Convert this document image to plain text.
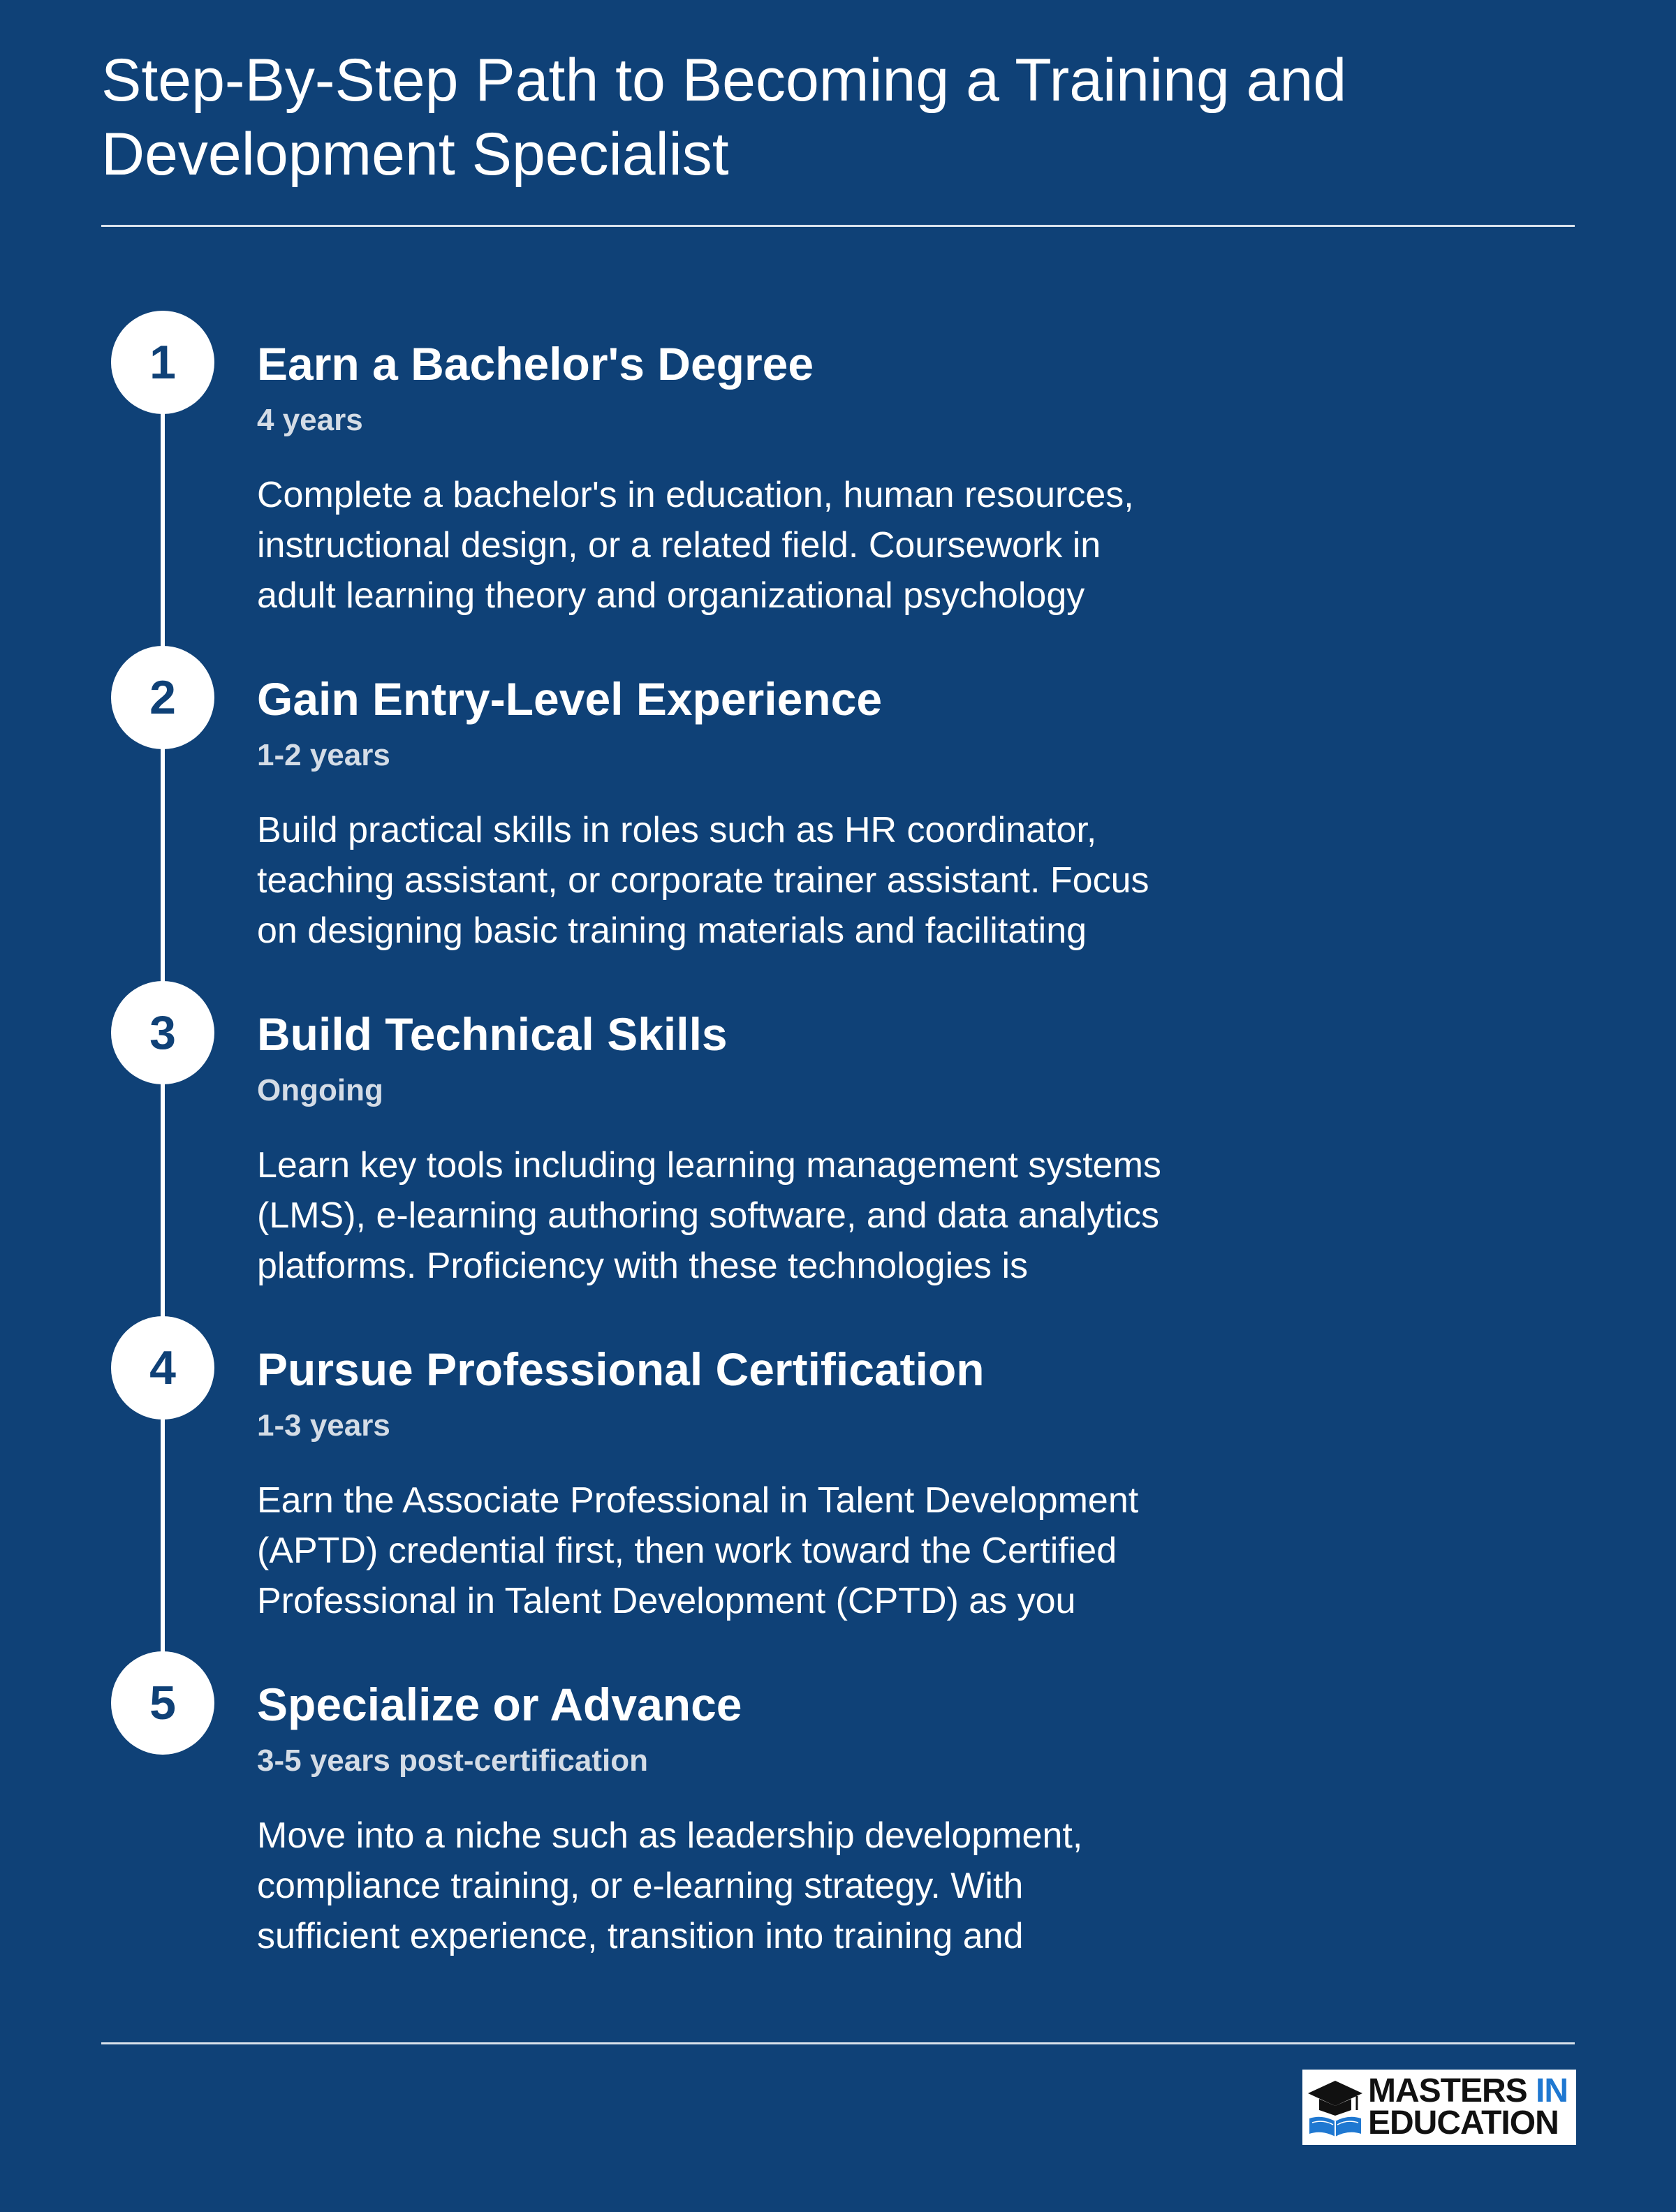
Step-By-Step Path to Becoming a Training and
Development Specialist
1	Earn a Bachelor's Degree
4 years
Complete a bachelor's in education, human resources,
instructional design, or a related field. Coursework in
adult learning theory and organizational psychology
2	Gain Entry-Level Experience
1-2 years
Build practical skills in roles such as HR coordinator,
teaching assistant, or corporate trainer assistant. Focus
on designing basic training materials and facilitating
3	Build Technical Skills
Ongoing
Learn key tools including learning management systems
(LMS), e-learning authoring software, and data analytics
platforms. Proficiency with these technologies is
4	Pursue Professional Certification
1-3 years
Earn the Associate Professional in Talent Development
(APTD) credential first, then work toward the Certified
Professional in Talent Development (CPTD) as you
5	Specialize or Advance
3-5 years post-certification
Move into a niche such as leadership development,
compliance training, or e-learning strategy. With
sufficient experience, transition into training and
MASTERS IN
EDUCATION
